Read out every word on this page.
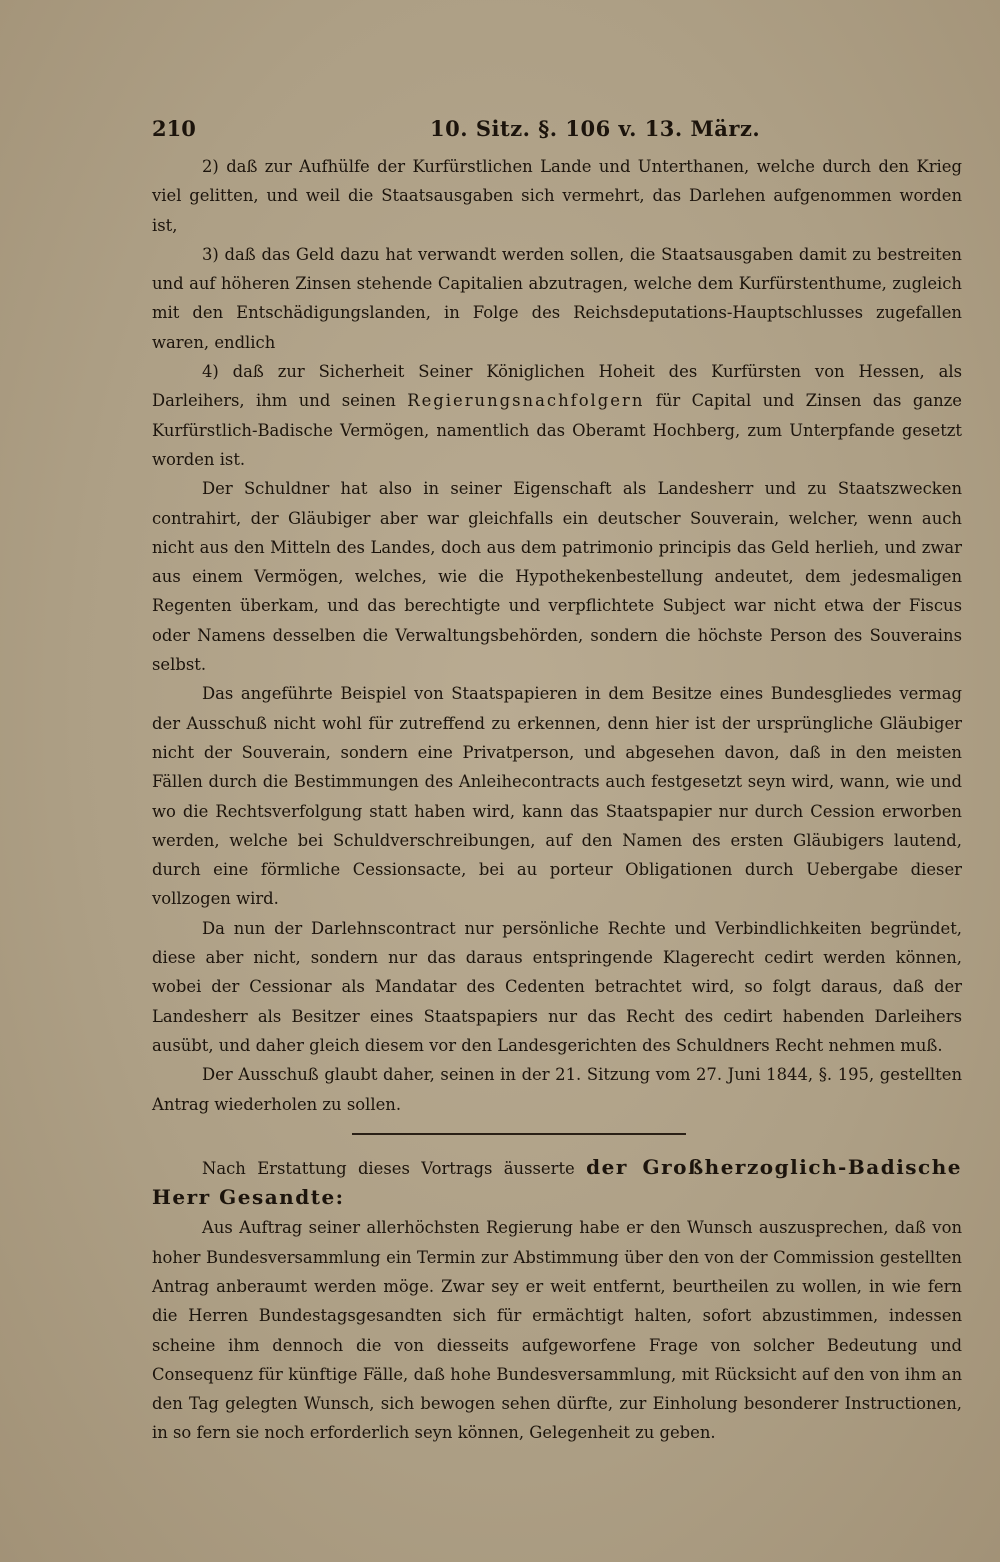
210	10. Sitz. §. 106 v. 13. März.

2) daß zur Aufhülfe der Kurfürstlichen Lande und Unterthanen, welche durch den Krieg viel gelitten, und weil die Staatsausgaben sich vermehrt, das Darlehen aufgenommen worden ist,

3) daß das Geld dazu hat verwandt werden sollen, die Staatsausgaben damit zu bestreiten und auf höheren Zinsen stehende Capitalien abzutragen, welche dem Kurfürstenthume, zugleich mit den Entschädigungslanden, in Folge des Reichsdeputations-Hauptschlusses zugefallen waren, endlich

4) daß zur Sicherheit Seiner Königlichen Hoheit des Kurfürsten von Hessen, als Darleihers, ihm und seinen Regierungsnachfolgern für Capital und Zinsen das ganze Kurfürstlich-Badische Vermögen, namentlich das Oberamt Hochberg, zum Unterpfande gesetzt worden ist.

Der Schuldner hat also in seiner Eigenschaft als Landesherr und zu Staatszwecken contrahirt, der Gläubiger aber war gleichfalls ein deutscher Souverain, welcher, wenn auch nicht aus den Mitteln des Landes, doch aus dem patrimonio principis das Geld herlieh, und zwar aus einem Vermögen, welches, wie die Hypothekenbestellung andeutet, dem jedesmaligen Regenten überkam, und das berechtigte und verpflichtete Subject war nicht etwa der Fiscus oder Namens desselben die Verwaltungsbehörden, sondern die höchste Person des Souverains selbst.

Das angeführte Beispiel von Staatspapieren in dem Besitze eines Bundesgliedes vermag der Ausschuß nicht wohl für zutreffend zu erkennen, denn hier ist der ursprüngliche Gläubiger nicht der Souverain, sondern eine Privatperson, und abgesehen davon, daß in den meisten Fällen durch die Bestimmungen des Anleihecontracts auch festgesetzt seyn wird, wann, wie und wo die Rechtsverfolgung statt haben wird, kann das Staatspapier nur durch Cession erworben werden, welche bei Schuldverschreibungen, auf den Namen des ersten Gläubigers lautend, durch eine förmliche Cessionsacte, bei au porteur Obligationen durch Uebergabe dieser vollzogen wird.

Da nun der Darlehnscontract nur persönliche Rechte und Verbindlichkeiten begründet, diese aber nicht, sondern nur das daraus entspringende Klagerecht cedirt werden können, wobei der Cessionar als Mandatar des Cedenten betrachtet wird, so folgt daraus, daß der Landesherr als Besitzer eines Staatspapiers nur das Recht des cedirt habenden Darleihers ausübt, und daher gleich diesem vor den Landesgerichten des Schuldners Recht nehmen muß.

Der Ausschuß glaubt daher, seinen in der 21. Sitzung vom 27. Juni 1844, §. 195, gestellten Antrag wiederholen zu sollen.

Nach Erstattung dieses Vortrags äusserte der Großherzoglich-Badische Herr Gesandte:

Aus Auftrag seiner allerhöchsten Regierung habe er den Wunsch auszusprechen, daß von hoher Bundesversammlung ein Termin zur Abstimmung über den von der Commission gestellten Antrag anberaumt werden möge. Zwar sey er weit entfernt, beurtheilen zu wollen, in wie fern die Herren Bundestagsgesandten sich für ermächtigt halten, sofort abzustimmen, indessen scheine ihm dennoch die von diesseits aufgeworfene Frage von solcher Bedeutung und Consequenz für künftige Fälle, daß hohe Bundesversammlung, mit Rücksicht auf den von ihm an den Tag gelegten Wunsch, sich bewogen sehen dürfte, zur Einholung besonderer Instructionen, in so fern sie noch erforderlich seyn können, Gelegenheit zu geben.
